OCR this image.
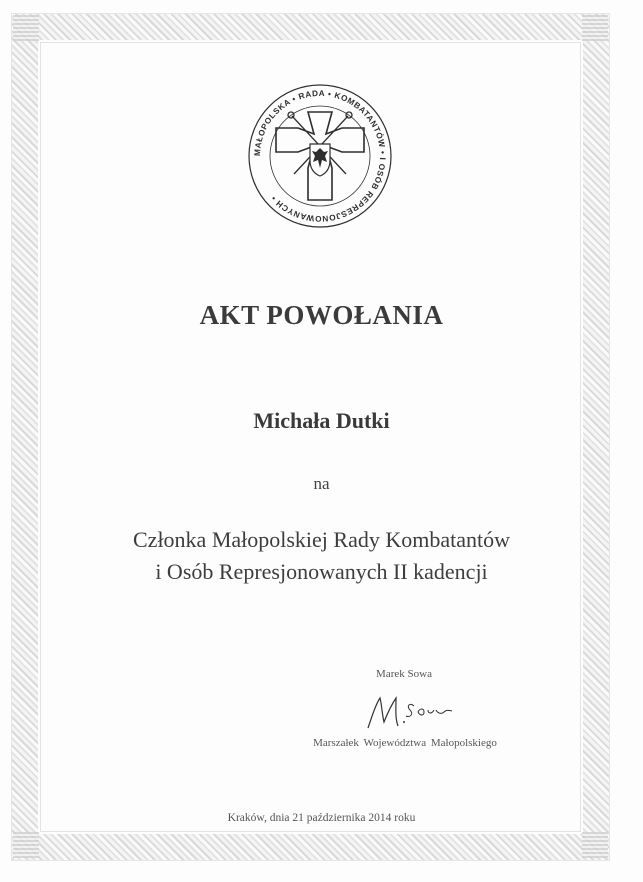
MAŁOPOLSKA • RADA • KOMBATANTÓW • I OSÓB REPRESJONOWANYCH •
AKT POWOŁANIA

Michała Dutki

na

Członka Małopolskiej Rady Kombatantów

i Osób Represjonowanych II kadencji

Marek Sowa

Marszałek Województwa Małopolskiego

Kraków, dnia 21 października 2014 roku
